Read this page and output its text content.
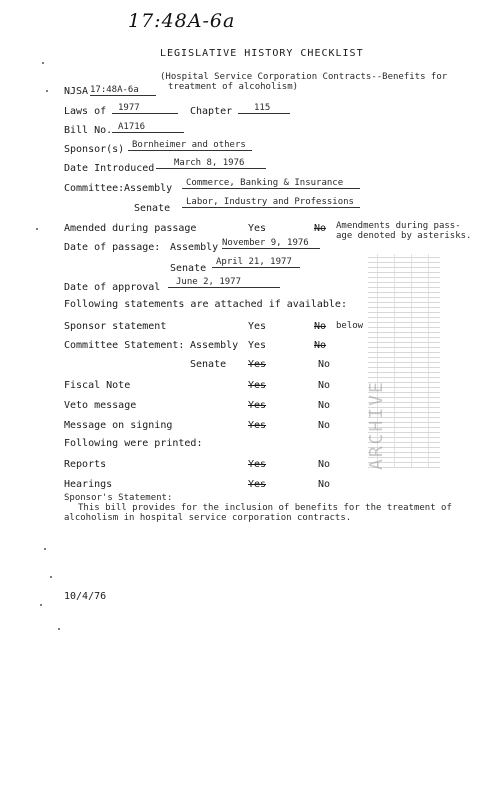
17:48A-6a
LEGISLATIVE HISTORY CHECKLIST
NJSA 17:48A-6a
(Hospital Service Corporation Contracts--Benefits for
treatment of alcoholism)
Laws of	1977	Chapter	115
Bill No. A1716
Sponsor(s) Bornheimer and others
Date Introduced	March 8, 1976
Committee: Assembly	Commerce, Banking & Insurance
Senate
Labor, Industry and Professions
Amended during passage	Yes	No Amendments during pass-
age denoted by asterisks.
Date of passage: Assembly November 9, 1976
Senate
April 21, 1977
Date of approval	June 2, 1977
Following statements are attached if available:
Sponsor statement	Yes	No below
Committee Statement: Assembly Yes	No
Senate Yes	No
Fiscal Note	Yes	No
Veto message	Yes	No
Message on signing	Yes	No
Following were printed:
Reports	Yes	No
Hearings	Yes	No
Sponsor's Statement:
This bill provides for the inclusion of benefits for the treatment of
alcoholism in hospital service corporation contracts.
10/4/76
ARCHIVE
